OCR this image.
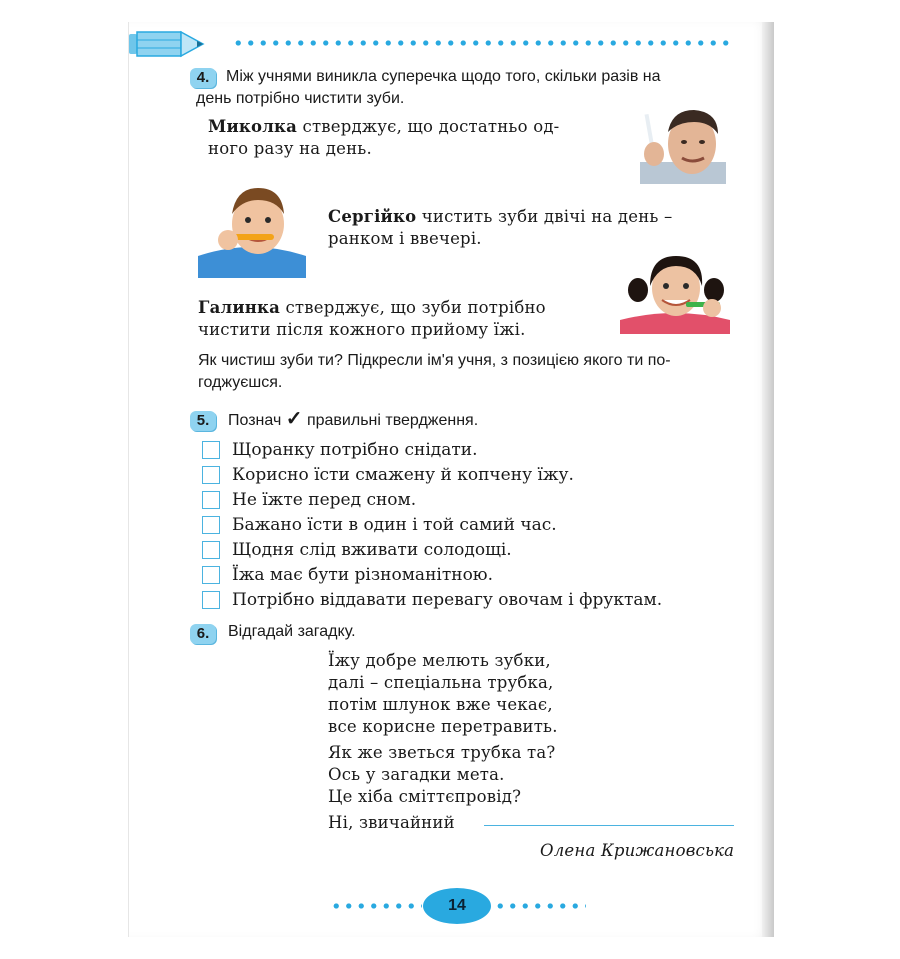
4.	Між учнями виникла суперечка щодо того, скільки разів на
день потрібно чистити зуби.
Миколка стверджує, що достатньо од-
ного разу на день.
Сергійко чистить зуби двічі на день –
ранком і ввечері.
Галинка стверджує, що зуби потрібно
чистити після кожного прийому їжі.
Як чистиш зуби ти? Підкресли ім'я учня, з позицією якого ти по-
годжуєшся.
5.	Познач ✓ правильні твердження.
Щоранку потрібно снідати.
Корисно їсти смажену й копчену їжу.
Не їжте перед сном.
Бажано їсти в один і той самий час.
Щодня слід вживати солодощі.
Їжа має бути різноманітною.
Потрібно віддавати перевагу овочам і фруктам.
6.	Відгадай загадку.
Їжу добре мелють зубки,
далі – спеціальна трубка,
потім шлунок вже чекає,
все корисне перетравить.
Як же зветься трубка та?
Ось у загадки мета.
Це хіба сміттєпровід?
Ні, звичайний
Олена Крижановська
14
